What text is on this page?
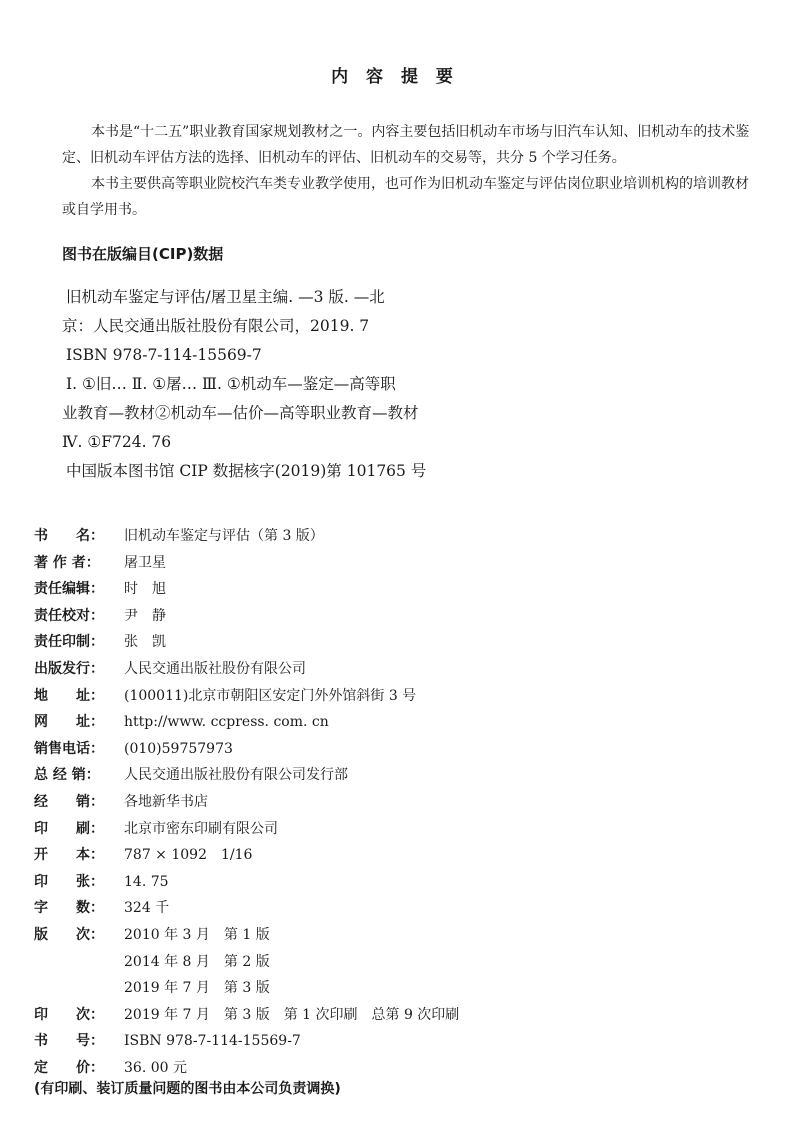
内 容 提 要

本书是“十二五”职业教育国家规划教材之一。内容主要包括旧机动车市场与旧汽车认知、旧机动车的技术鉴定、旧机动车评估方法的选择、旧机动车的评估、旧机动车的交易等，共分 5 个学习任务。

本书主要供高等职业院校汽车类专业教学使用，也可作为旧机动车鉴定与评估岗位职业培训机构的培训教材或自学用书。

图书在版编目(CIP)数据
旧机动车鉴定与评估/屠卫星主编. —3 版. —北
京：人民交通出版社股份有限公司，2019. 7
ISBN 978-7-114-15569-7
Ⅰ. ①旧… Ⅱ. ①屠… Ⅲ. ①机动车—鉴定—高等职
业教育—教材②机动车—估价—高等职业教育—教材
Ⅳ. ①F724. 76
中国版本图书馆 CIP 数据核字(2019)第 101765 号
书　　名：	旧机动车鉴定与评估（第 3 版）
著 作 者：	屠卫星
责任编辑：	时　旭
责任校对：	尹　静
责任印制：	张　凯
出版发行：	人民交通出版社股份有限公司
地　　址：	(100011)北京市朝阳区安定门外外馆斜街 3 号
网　　址：	http://www. ccpress. com. cn
销售电话：	(010)59757973
总 经 销：	人民交通出版社股份有限公司发行部
经　　销：	各地新华书店
印　　刷：	北京市密东印刷有限公司
开　　本：	787 × 1092　1/16
印　　张：	14. 75
字　　数：	324 千
版　　次：	2010 年 3 月　第 1 版
2014 年 8 月　第 2 版
2019 年 7 月　第 3 版
印　　次：	2019 年 7 月　第 3 版　第 1 次印刷　总第 9 次印刷
书　　号：	ISBN 978-7-114-15569-7
定　　价：	36. 00 元
(有印刷、装订质量问题的图书由本公司负责调换)
